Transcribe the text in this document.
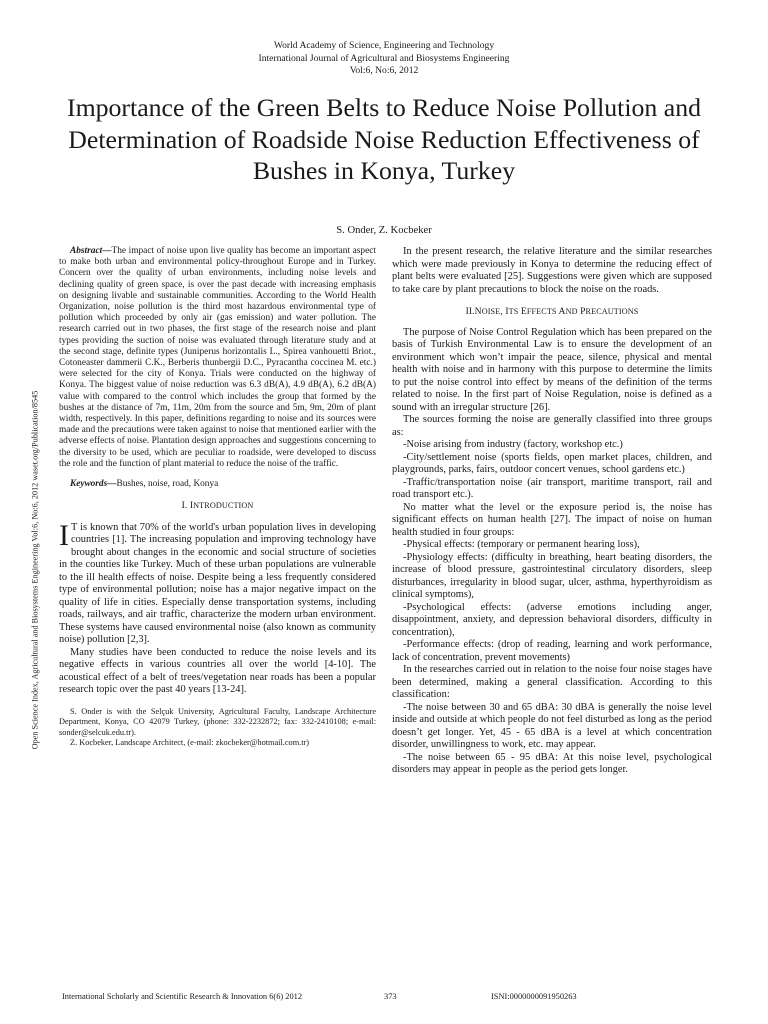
World Academy of Science, Engineering and Technology
International Journal of Agricultural and Biosystems Engineering
Vol:6, No:6, 2012
Importance of the Green Belts to Reduce Noise Pollution and Determination of Roadside Noise Reduction Effectiveness of Bushes in Konya, Turkey
S. Onder, Z. Kocbeker
Open Science Index, Agricultural and Biosystems Engineering Vol:6, No:6, 2012 waset.org/Publication/8545
Abstract—The impact of noise upon live quality has become an important aspect to make both urban and environmental policy-throughout Europe and in Turkey. Concern over the quality of urban environments, including noise levels and declining quality of green space, is over the past decade with increasing emphasis on designing livable and sustainable communities. According to the World Health Organization, noise pollution is the third most hazardous environmental type of pollution which proceeded by only air (gas emission) and water pollution. The research carried out in two phases, the first stage of the research noise and plant types providing the suction of noise was evaluated through literature study and at the second stage, definite types (Juniperus horizontalis L., Spirea vanhouetti Briot., Cotoneaster dammerii C.K., Berberis thunbergii D.C., Pyracantha coccinea M. etc.) were selected for the city of Konya. Trials were conducted on the highway of Konya. The biggest value of noise reduction was 6.3 dB(A), 4.9 dB(A), 6.2 dB(A) value with compared to the control which includes the group that formed by the bushes at the distance of 7m, 11m, 20m from the source and 5m, 9m, 20m of plant width, respectively. In this paper, definitions regarding to noise and its sources were made and the precautions were taken against to noise that mentioned earlier with the adverse effects of noise. Plantation design approaches and suggestions concerning to the diversity to be used, which are peculiar to roadside, were developed to discuss the role and the function of plant material to reduce the noise of the traffic.
Keywords—Bushes, noise, road, Konya
I. INTRODUCTION

I T is known that 70% of the world's urban population lives in developing countries [1]. The increasing population and improving technology have brought about changes in the economic and social structure of societies in the counties like Turkey. Much of these urban populations are vulnerable to the ill health effects of noise. Despite being a less frequently considered type of environmental pollution; noise has a major negative impact on the quality of life in cities. Especially dense transportation systems, including roads, railways, and air traffic, characterize the modern urban environment. These systems have caused environmental noise (also known as community noise) pollution [2,3].

Many studies have been conducted to reduce the noise levels and its negative effects in various countries all over the world [4-10]. The acoustical effect of a belt of trees/vegetation near roads has been a popular research topic over the past 40 years [13-24].

S. Onder is with the Selçuk University, Agricultural Faculty, Landscape Architecture Department, Konya, CO 42079 Turkey, (phone: 332-2232872; fax: 332-2410108; e-mail: sonder@selcuk.edu.tr).

Z. Kocbeker, Landscape Architect, (e-mail: zkocbeker@hotmail.com.tr)

In the present research, the relative literature and the similar researches which were made previously in Konya to determine the reducing effect of plant belts were evaluated [25]. Suggestions were given which are supposed to take care by plant precautions to block the noise on the roads.

II.NOISE, ITS EFFECTS AND PRECAUTIONS

The purpose of Noise Control Regulation which has been prepared on the basis of Turkish Environmental Law is to ensure the development of an environment which won’t impair the peace, silence, physical and mental health with noise and in harmony with this purpose to determine the limits to put the noise control into effect by means of the definition of the terms related to noise. In the first part of Noise Regulation, noise is defined as a sound with an irregular structure [26].

The sources forming the noise are generally classified into three groups as:

-Noise arising from industry (factory, workshop etc.)

-City/settlement noise (sports fields, open market places, children, and playgrounds, parks, fairs, outdoor concert venues, school gardens etc.)

-Traffic/transportation noise (air transport, maritime transport, rail and road transport etc.).

No matter what the level or the exposure period is, the noise has significant effects on human health [27]. The impact of noise on human health studied in four groups:

-Physical effects: (temporary or permanent hearing loss),

-Physiology effects: (difficulty in breathing, heart beating disorders, the increase of blood pressure, gastrointestinal circulatory disorders, sleep disturbances, irregularity in blood sugar, ulcer, asthma, hyperthyroidism as clinical symptoms),

-Psychological effects: (adverse emotions including anger, disappointment, anxiety, and depression behavioral disorders, difficulty in concentration),

-Performance effects: (drop of reading, learning and work performance, lack of concentration, prevent movements)

In the researches carried out in relation to the noise four noise stages have been determined, making a general classification. According to this classification:

-The noise between 30 and 65 dBA: 30 dBA is generally the noise level inside and outside at which people do not feel disturbed as long as the period doesn’t get longer. Yet, 45 - 65 dBA is a level at which concentration disorder, unwillingness to work, etc. may appear.

-The noise between 65 - 95 dBA: At this noise level, psychological disorders may appear in people as the period gets longer.

International Scholarly and Scientific Research & Innovation 6(6) 2012	373	ISNI:0000000091950263
